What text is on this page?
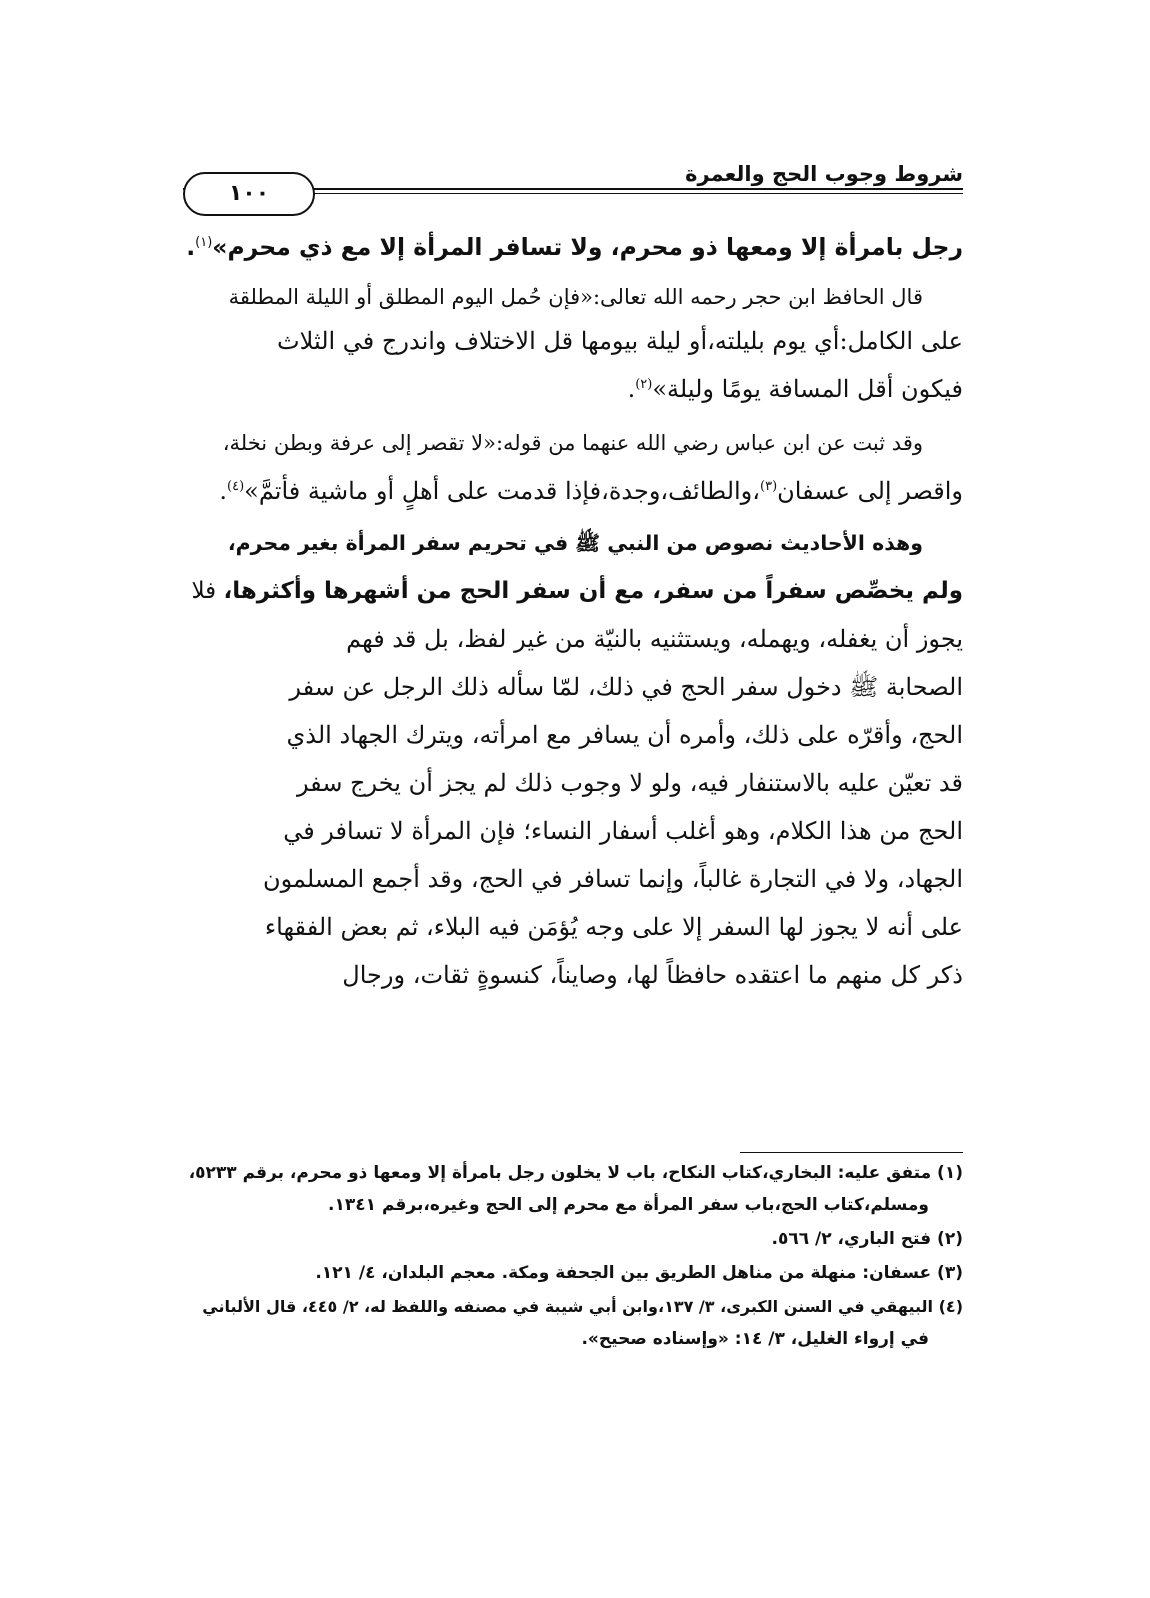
شروط وجوب الحج والعمرة
١٠٠
رجل بامرأة إلا ومعها ذو محرم، ولا تسافر المرأة إلا مع ذي محرم»$^{(١)}$.
قال الحافظ ابن حجر رحمه الله تعالى:«فإن حُمل اليوم المطلق أو الليلة المطلقة
على الكامل:أي يوم بليلته،أو ليلة بيومها قل الاختلاف واندرج في الثلاث
فيكون أقل المسافة يومًا وليلة»$^{(٢)}$.
وقد ثبت عن ابن عباس رضي الله عنهما من قوله:«لا تقصر إلى عرفة وبطن نخلة،
واقصر إلى عسفان$^{(٣)}$،والطائف،وجدة،فإذا قدمت على أهلٍ أو ماشية فأتمَّ»$^{(٤)}$.
وهذه الأحاديث نصوص من النبي ﷺ في تحريم سفر المرأة بغير محرم،
ولم يخصِّص سفراً من سفر، مع أن سفر الحج من أشهرها وأكثرها، فلا
يجوز أن يغفله، ويهمله، ويستثنيه بالنيّة من غير لفظ، بل قد فهم
الصحابة ﷺ دخول سفر الحج في ذلك، لمّا سأله ذلك الرجل عن سفر
الحج، وأقرّه على ذلك، وأمره أن يسافر مع امرأته، ويترك الجهاد الذي
قد تعيّن عليه بالاستنفار فيه، ولو لا وجوب ذلك لم يجز أن يخرج سفر
الحج من هذا الكلام، وهو أغلب أسفار النساء؛ فإن المرأة لا تسافر في
الجهاد، ولا في التجارة غالباً، وإنما تسافر في الحج، وقد أجمع المسلمون
على أنه لا يجوز لها السفر إلا على وجه يُؤمَن فيه البلاء، ثم بعض الفقهاء
ذكر كل منهم ما اعتقده حافظاً لها، وصايناً، كنسوةٍ ثقات، ورجال
(١) متفق عليه: البخاري،كتاب النكاح، باب لا يخلون رجل بامرأة إلا ومعها ذو محرم، برقم ٥٢٣٣،
ومسلم،كتاب الحج،باب سفر المرأة مع محرم إلى الحج وغيره،برقم ١٣٤١.
(٢) فتح الباري، ٢/ ٥٦٦.
(٣) عسفان: منهلة من مناهل الطريق بين الجحفة ومكة. معجم البلدان، ٤/ ١٢١.
(٤) البيهقي في السنن الكبرى، ٣/ ١٣٧،وابن أبي شيبة في مصنفه واللفظ له، ٢/ ٤٤٥، قال الألباني
في إرواء الغليل، ٣/ ١٤: «وإسناده صحيح».
